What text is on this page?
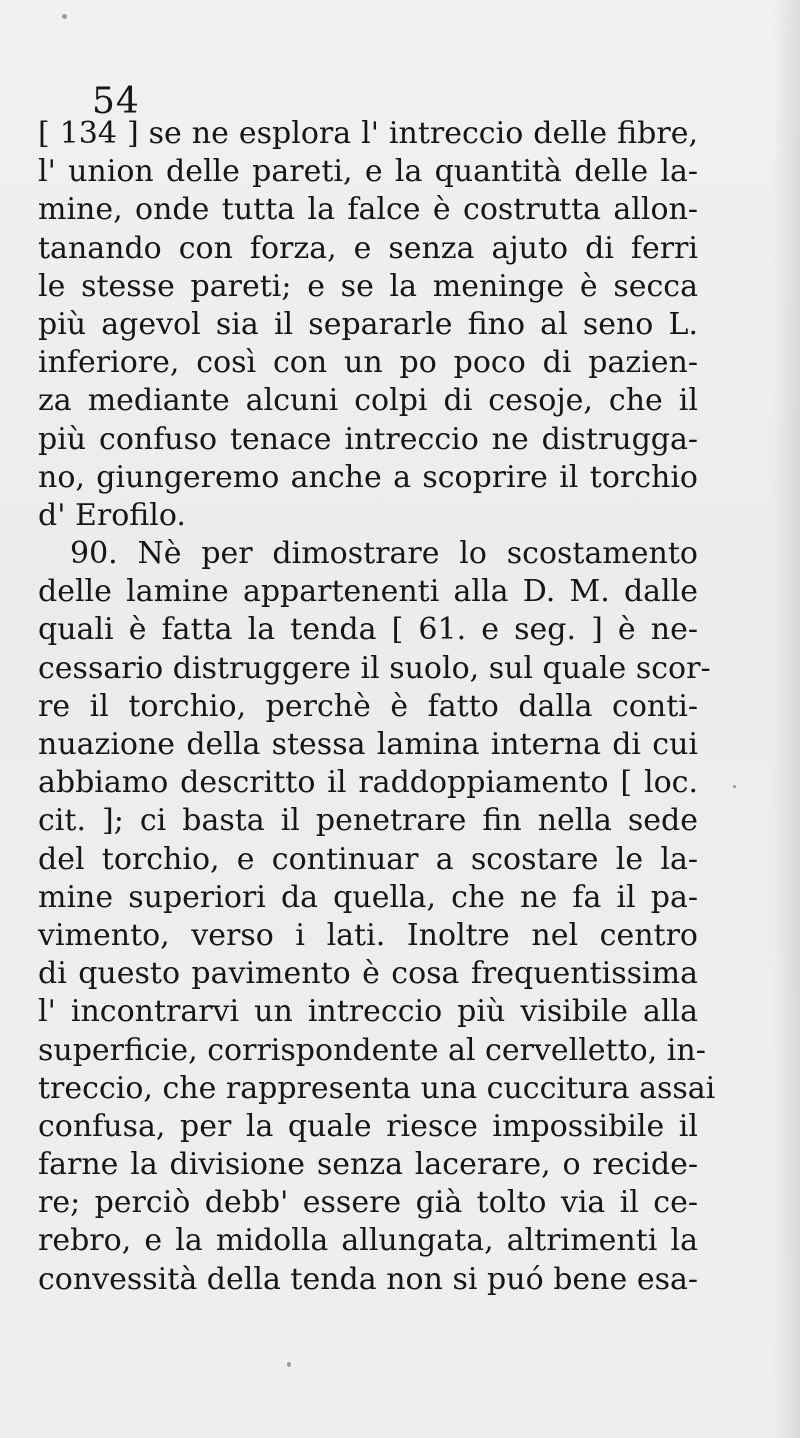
54
[ 134 ] se ne esplora l' intreccio delle fibre,
l' union delle pareti, e la quantità delle la-
mine, onde tutta la falce è costrutta allon-
tanando con forza, e senza ajuto di ferri
le stesse pareti; e se la meninge è secca
più agevol sia il separarle fino al seno L.
inferiore, così con un po poco di pazien-
za mediante alcuni colpi di cesoje, che il
più confuso tenace intreccio ne distrugga-
no, giungeremo anche a scoprire il torchio
d' Erofilo.
90. Nè per dimostrare lo scostamento
delle lamine appartenenti alla D. M. dalle
quali è fatta la tenda [ 61. e seg. ] è ne-
cessario distruggere il suolo, sul quale scor-
re il torchio, perchè è fatto dalla conti-
nuazione della stessa lamina interna di cui
abbiamo descritto il raddoppiamento [ loc.
cit. ]; ci basta il penetrare fin nella sede
del torchio, e continuar a scostare le la-
mine superiori da quella, che ne fa il pa-
vimento, verso i lati. Inoltre nel centro
di questo pavimento è cosa frequentissima
l' incontrarvi un intreccio più visibile alla
superficie, corrispondente al cervelletto, in-
treccio, che rappresenta una cuccitura assai
confusa, per la quale riesce impossibile il
farne la divisione senza lacerare, o recide-
re; perciò debb' essere già tolto via il ce-
rebro, e la midolla allungata, altrimenti la
convessità della tenda non si puó bene esa-
